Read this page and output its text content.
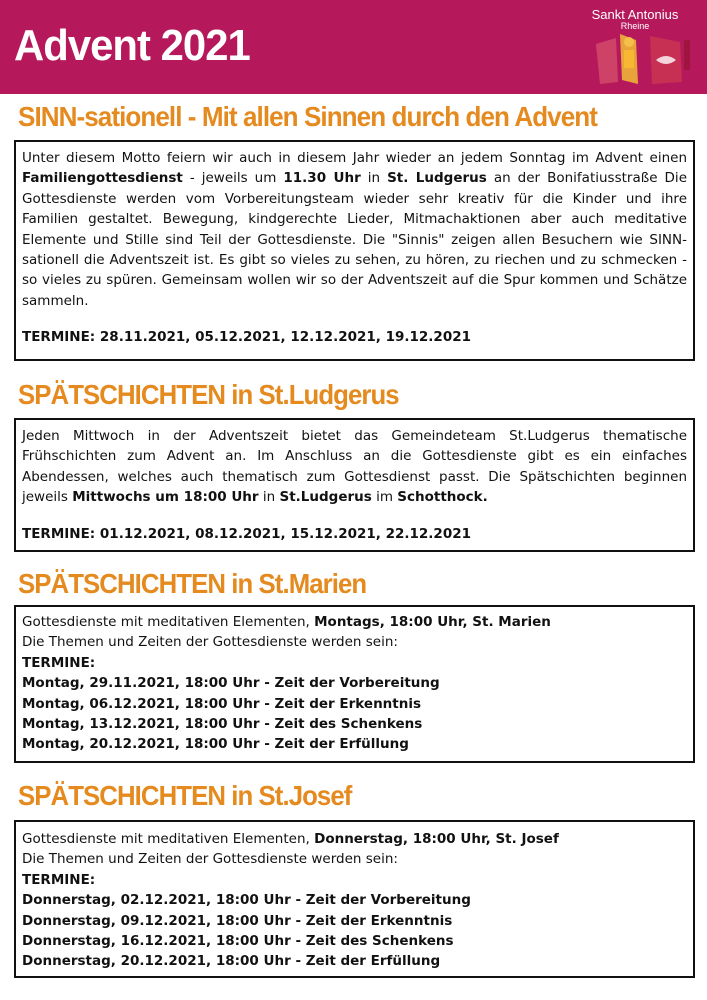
Advent 2021
Sankt Antonius
Rheine
SINN-sationell - Mit allen Sinnen durch den Advent

Unter diesem Motto feiern wir auch in diesem Jahr wieder an jedem Sonntag im Advent einen Familiengottesdienst - jeweils um 11.30 Uhr in St. Ludgerus an der Bonifatiusstraße Die Gottesdienste werden vom Vorbereitungsteam wieder sehr kreativ für die Kinder und ihre Familien gestaltet. Bewegung, kindgerechte Lieder, Mitmachaktionen aber auch meditative Elemente und Stille sind Teil der Gottesdienste. Die "Sinnis" zeigen allen Besuchern wie SINN-sationell die Adventszeit ist. Es gibt so vieles zu sehen, zu hören, zu riechen und zu schmecken - so vieles zu spüren. Gemeinsam wollen wir so der Adventszeit auf die Spur kommen und Schätze sammeln.

TERMINE: 28.11.2021, 05.12.2021, 12.12.2021, 19.12.2021

SPÄTSCHICHTEN in St.Ludgerus

Jeden Mittwoch in der Adventszeit bietet das Gemeindeteam St.Ludgerus thematische Frühschichten zum Advent an. Im Anschluss an die Gottesdienste gibt es ein einfaches Abendessen, welches auch thematisch zum Gottesdienst passt. Die Spätschichten beginnen jeweils Mittwochs um 18:00 Uhr in St.Ludgerus im Schotthock.

TERMINE: 01.12.2021, 08.12.2021, 15.12.2021, 22.12.2021

SPÄTSCHICHTEN in St.Marien

Gottesdienste mit meditativen Elementen, Montags, 18:00 Uhr, St. Marien

Die Themen und Zeiten der Gottesdienste werden sein:

TERMINE:

Montag, 29.11.2021, 18:00 Uhr - Zeit der Vorbereitung

Montag, 06.12.2021, 18:00 Uhr - Zeit der Erkenntnis

Montag, 13.12.2021, 18:00 Uhr - Zeit des Schenkens

Montag, 20.12.2021, 18:00 Uhr - Zeit der Erfüllung

SPÄTSCHICHTEN in St.Josef

Gottesdienste mit meditativen Elementen, Donnerstag, 18:00 Uhr, St. Josef

Die Themen und Zeiten der Gottesdienste werden sein:

TERMINE:

Donnerstag, 02.12.2021, 18:00 Uhr - Zeit der Vorbereitung

Donnerstag, 09.12.2021, 18:00 Uhr - Zeit der Erkenntnis

Donnerstag, 16.12.2021, 18:00 Uhr - Zeit des Schenkens

Donnerstag, 20.12.2021, 18:00 Uhr - Zeit der Erfüllung
